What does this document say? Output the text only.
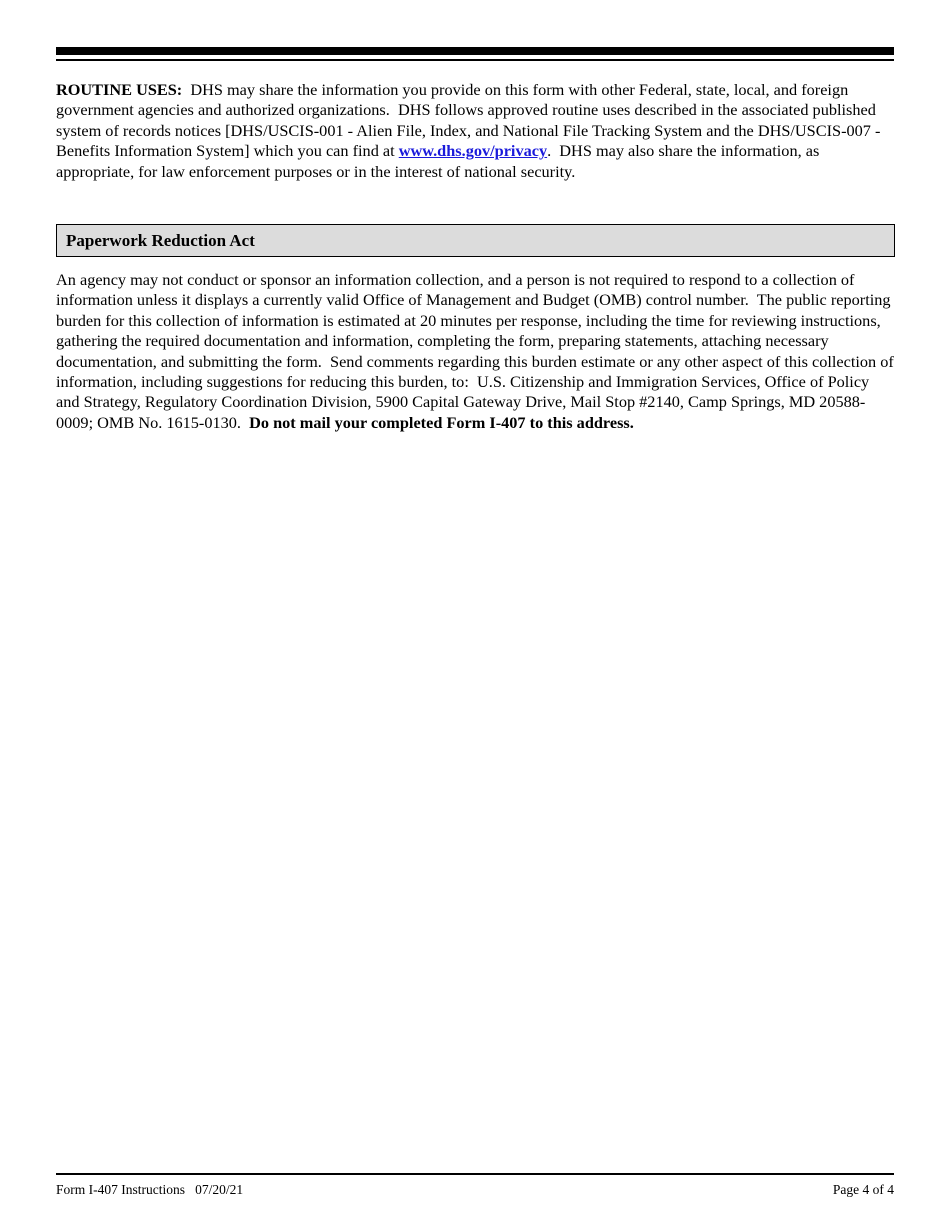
ROUTINE USES: DHS may share the information you provide on this form with other Federal, state, local, and foreign government agencies and authorized organizations.  DHS follows approved routine uses described in the associated published system of records notices [DHS/USCIS-001 - Alien File, Index, and National File Tracking System and the DHS/USCIS-007 - Benefits Information System] which you can find at www.dhs.gov/privacy.  DHS may also share the information, as appropriate, for law enforcement purposes or in the interest of national security.

Paperwork Reduction Act

An agency may not conduct or sponsor an information collection, and a person is not required to respond to a collection of information unless it displays a currently valid Office of Management and Budget (OMB) control number.  The public reporting burden for this collection of information is estimated at 20 minutes per response, including the time for reviewing instructions, gathering the required documentation and information, completing the form, preparing statements, attaching necessary documentation, and submitting the form.  Send comments regarding this burden estimate or any other aspect of this collection of information, including suggestions for reducing this burden, to:  U.S. Citizenship and Immigration Services, Office of Policy and Strategy, Regulatory Coordination Division, 5900 Capital Gateway Drive, Mail Stop #2140, Camp Springs, MD 20588-0009; OMB No. 1615-0130.  Do not mail your completed Form I-407 to this address.

Form I-407 Instructions   07/20/21	Page 4 of 4
